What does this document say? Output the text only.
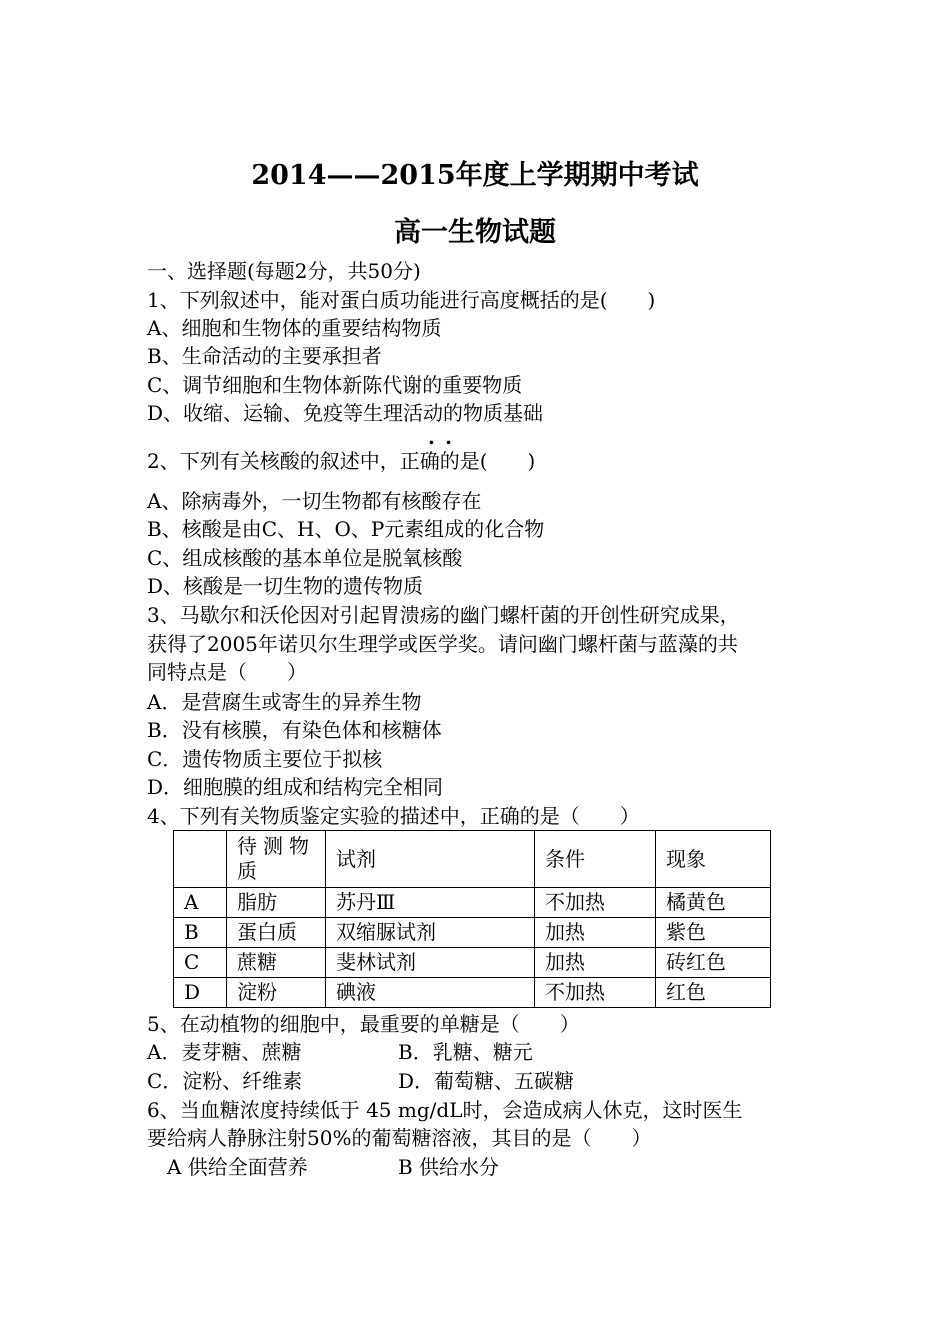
2014——2015年度上学期期中考试
高一生物试题
一、选择题(每题2分，共50分)
1、下列叙述中，能对蛋白质功能进行高度概括的是(　　)
A、细胞和生物体的重要结构物质
B、生命活动的主要承担者
C、调节细胞和生物体新陈代谢的重要物质
D、收缩、运输、免疫等生理活动的物质基础
..
2、下列有关核酸的叙述中，正确的是(　　)
A、除病毒外，一切生物都有核酸存在
B、核酸是由C、H、O、P元素组成的化合物
C、组成核酸的基本单位是脱氧核酸
D、核酸是一切生物的遗传物质
3、马歇尔和沃伦因对引起胃溃疡的幽门螺杆菌的开创性研究成果，
获得了2005年诺贝尔生理学或医学奖。请问幽门螺杆菌与蓝藻的共
同特点是（　　）
A．是营腐生或寄生的异养生物
B．没有核膜，有染色体和核糖体
C．遗传物质主要位于拟核
D．细胞膜的组成和结构完全相同
4、下列有关物质鉴定实验的描述中，正确的是（　　）
	待测物质	试剂	条件	现象
A	脂肪	苏丹Ⅲ	不加热	橘黄色
B	蛋白质	双缩脲试剂	加热	紫色
C	蔗糖	斐林试剂	加热	砖红色
D	淀粉	碘液	不加热	红色
5、在动植物的细胞中，最重要的单糖是（　　）
A．麦芽糖、蔗糖	B．乳糖、糖元
C．淀粉、纤维素	D．葡萄糖、五碳糖
6、当血糖浓度持续低于 45 mg/dL时，会造成病人休克，这时医生
要给病人静脉注射50%的葡萄糖溶液，其目的是（　　）
A 供给全面营养	B 供给水分
